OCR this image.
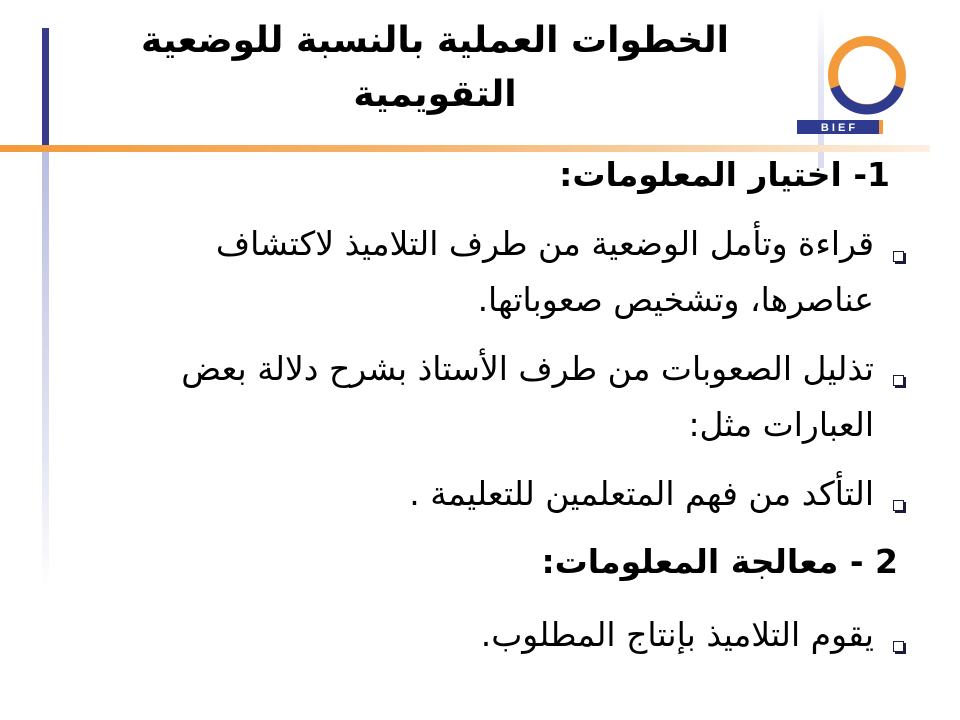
الخطوات العملية بالنسبة للوضعية التقويمية
B I E F

1- اختيار المعلومات:

قراءة وتأمل الوضعية من طرف التلاميذ لاكتشاف عناصرها، وتشخيص صعوباتها.

تذليل الصعوبات من طرف الأستاذ بشرح دلالة بعض العبارات مثل:

التأكد من فهم المتعلمين للتعليمة .

2 - معالجة المعلومات:

يقوم التلاميذ بإنتاج المطلوب.
